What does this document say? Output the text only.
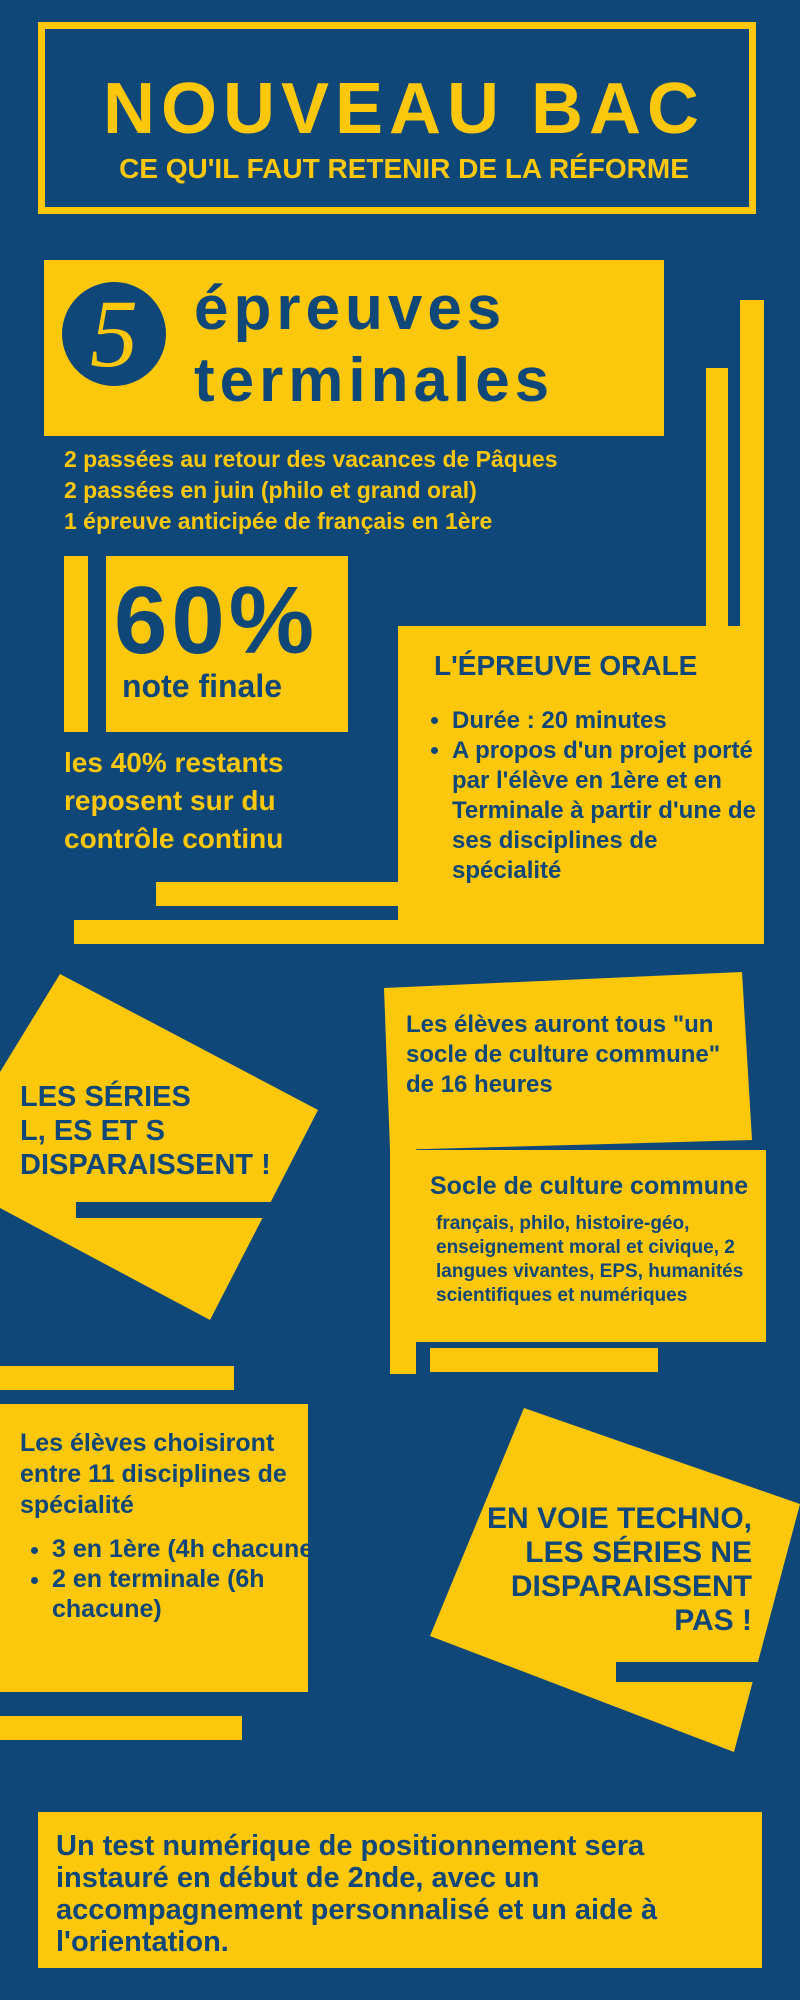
NOUVEAU BAC
CE QU'IL FAUT RETENIR DE LA RÉFORME
5 épreuves
terminales
2 passées au retour des vacances de Pâques
2 passées en juin (philo et grand oral)
1 épreuve anticipée de français en 1ère
60%
note finale
les 40% restants reposent sur du contrôle continu
L'ÉPREUVE ORALE
• Durée : 20 minutes
• A propos d'un projet porté par l'élève en 1ère et en Terminale à partir d'une de ses disciplines de spécialité
LES SÉRIES
L, ES ET S
DISPARAISSENT !
Les élèves auront tous "un socle de culture commune" de 16 heures
Socle de culture commune
français, philo, histoire-géo, enseignement moral et civique, 2 langues vivantes, EPS, humanités scientifiques et numériques
Les élèves choisiront entre 11 disciplines de spécialité
• 3 en 1ère (4h chacune)
• 2 en terminale (6h chacune)
EN VOIE TECHNO,
LES SÉRIES NE
DISPARAISSENT
PAS !
Un test numérique de positionnement sera instauré en début de 2nde, avec un accompagnement personnalisé et un aide à l'orientation.
